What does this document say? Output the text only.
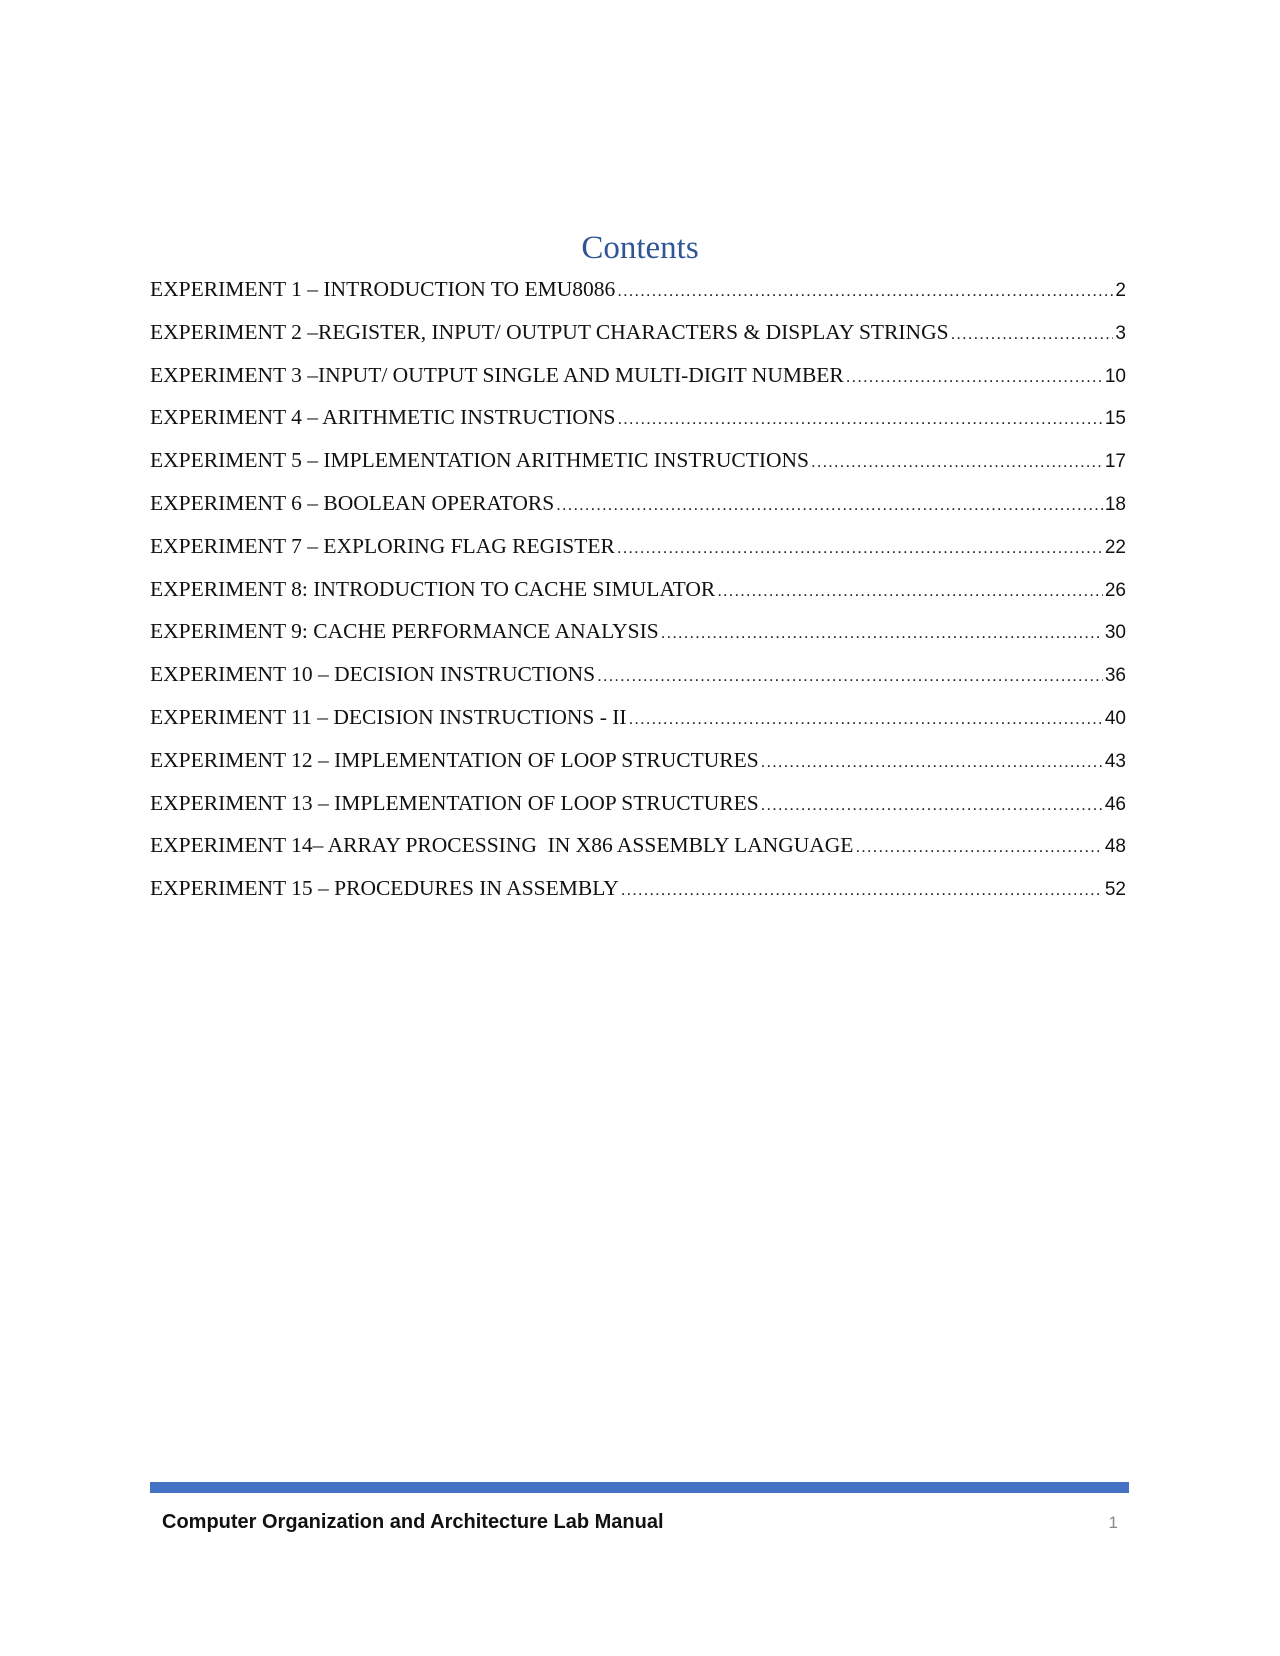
Contents
EXPERIMENT 1 – INTRODUCTION TO EMU8086 .....	2
EXPERIMENT 2 –REGISTER, INPUT/ OUTPUT CHARACTERS & DISPLAY STRINGS .....	3
EXPERIMENT 3 –INPUT/ OUTPUT SINGLE AND MULTI-DIGIT NUMBER .....	10
EXPERIMENT 4 – ARITHMETIC INSTRUCTIONS .....	15
EXPERIMENT 5 – IMPLEMENTATION ARITHMETIC INSTRUCTIONS .....	17
EXPERIMENT 6 – BOOLEAN OPERATORS .....	18
EXPERIMENT 7 – EXPLORING FLAG REGISTER .....	22
EXPERIMENT 8: INTRODUCTION TO CACHE SIMULATOR .....	26
EXPERIMENT 9: CACHE PERFORMANCE ANALYSIS .....	30
EXPERIMENT 10 – DECISION INSTRUCTIONS .....	36
EXPERIMENT 11 – DECISION INSTRUCTIONS - II .....	40
EXPERIMENT 12 – IMPLEMENTATION OF LOOP STRUCTURES .....	43
EXPERIMENT 13 – IMPLEMENTATION OF LOOP STRUCTURES .....	46
EXPERIMENT 14– ARRAY PROCESSING  IN X86 ASSEMBLY LANGUAGE .....	48
EXPERIMENT 15 – PROCEDURES IN ASSEMBLY .....	52
Computer Organization and Architecture Lab Manual	1
